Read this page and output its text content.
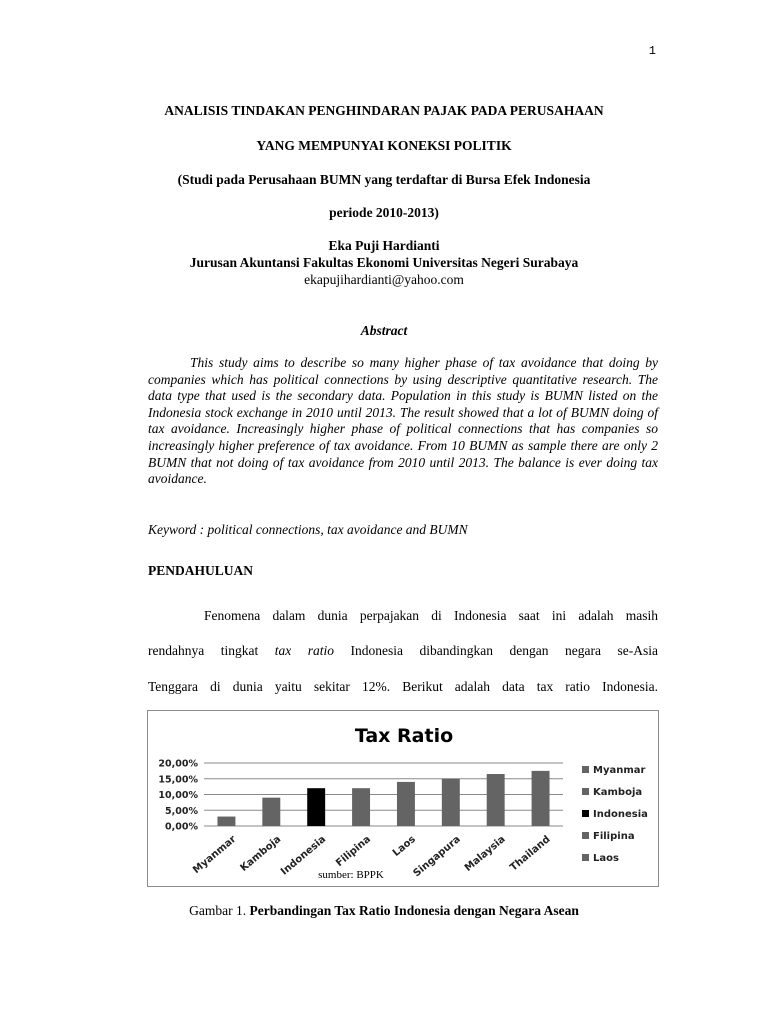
1
ANALISIS TINDAKAN PENGHINDARAN PAJAK PADA PERUSAHAAN
YANG MEMPUNYAI KONEKSI POLITIK
(Studi pada Perusahaan BUMN yang terdaftar di Bursa Efek Indonesia
periode 2010-2013)
Eka Puji Hardianti
Jurusan Akuntansi Fakultas Ekonomi Universitas Negeri Surabaya
ekapujihardianti@yahoo.com
Abstract
This study aims to describe so many higher phase of tax avoidance that doing by companies which has political connections by using descriptive quantitative research. The data type that used is the secondary data. Population in this study is BUMN listed on the Indonesia stock exchange in 2010 until 2013. The result showed that a lot of BUMN doing of tax avoidance. Increasingly higher phase of political connections that has companies so increasingly higher preference of tax avoidance. From 10 BUMN as sample there are only 2 BUMN that not doing of tax avoidance from 2010 until 2013. The balance is ever doing tax avoidance.
Keyword : political connections, tax avoidance and BUMN
PENDAHULUAN
Fenomena dalam dunia perpajakan di Indonesia saat ini adalah masih
rendahnya tingkat tax ratio Indonesia dibandingkan dengan negara se-Asia
Tenggara di dunia yaitu sekitar 12%. Berikut adalah data tax ratio Indonesia.
Tax Ratio
20,00%
15,00%
10,00%
5,00%
0,00%
Myanmar Kamboja
Indonesia Filipina Laos
Singapura Malaysia Thailand
Myanmar
Kamboja
Indonesia
Filipina
Laos
sumber: BPPK
Gambar 1. Perbandingan Tax Ratio Indonesia dengan Negara Asean
